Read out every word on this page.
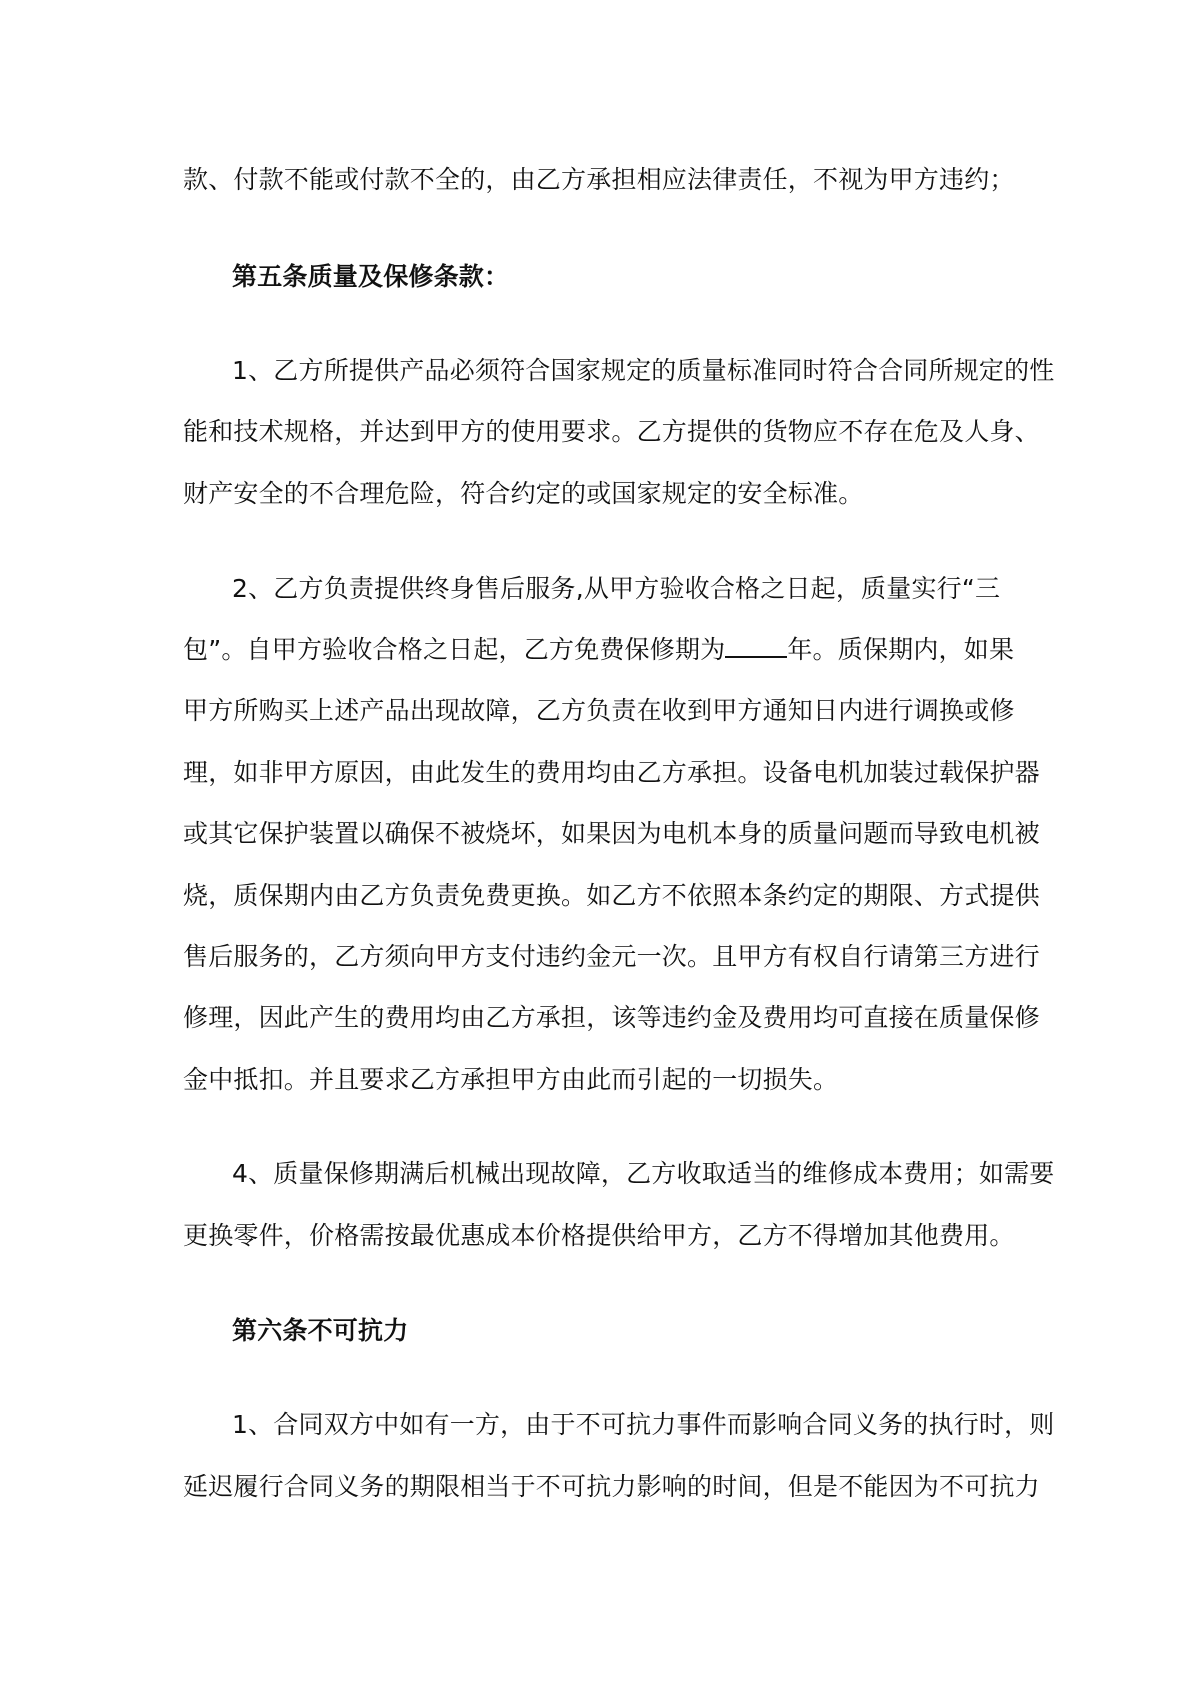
款、付款不能或付款不全的，由乙方承担相应法律责任，不视为甲方违约；
第五条质量及保修条款：
1、乙方所提供产品必须符合国家规定的质量标准同时符合合同所规定的性
能和技术规格，并达到甲方的使用要求。乙方提供的货物应不存在危及人身、
财产安全的不合理危险，符合约定的或国家规定的安全标准。
2、乙方负责提供终身售后服务,从甲方验收合格之日起，质量实行“三
包”。自甲方验收合格之日起，乙方免费保修期为 年。质保期内，如果
甲方所购买上述产品出现故障，乙方负责在收到甲方通知日内进行调换或修
理，如非甲方原因，由此发生的费用均由乙方承担。设备电机加装过载保护器
或其它保护装置以确保不被烧坏，如果因为电机本身的质量问题而导致电机被
烧，质保期内由乙方负责免费更换。如乙方不依照本条约定的期限、方式提供
售后服务的，乙方须向甲方支付违约金元一次。且甲方有权自行请第三方进行
修理，因此产生的费用均由乙方承担，该等违约金及费用均可直接在质量保修
金中抵扣。并且要求乙方承担甲方由此而引起的一切损失。
4、质量保修期满后机械出现故障，乙方收取适当的维修成本费用；如需要
更换零件，价格需按最优惠成本价格提供给甲方，乙方不得增加其他费用。
第六条不可抗力
1、合同双方中如有一方，由于不可抗力事件而影响合同义务的执行时，则
延迟履行合同义务的期限相当于不可抗力影响的时间，但是不能因为不可抗力
